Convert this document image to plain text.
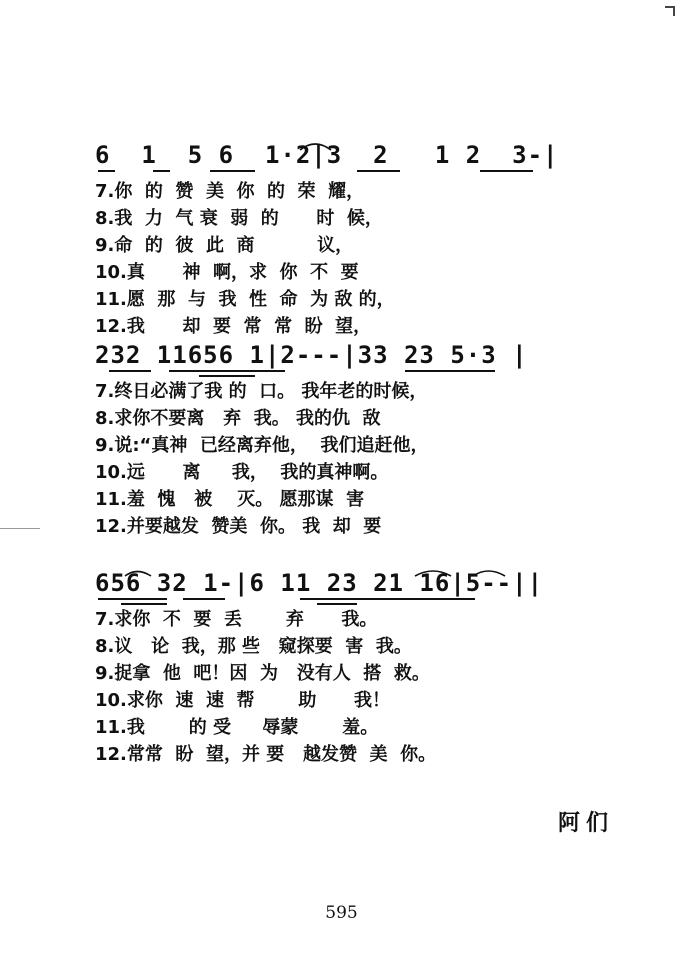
6  1  5 6  1·2|3  2   1 2  3-|
7.你  的  赞  美  你  的  荣  耀，
8.我  力  气 衰  弱  的      时  候，
9.命  的  彼  此  商          议，
10.真      神  啊，求  你  不  要
11.愿  那  与  我  性  命  为 敌 的，
12.我      却  要  常  常  盼  望，
232 11656 1|2---|33 23 5·3 |
7.终日必满了我 的  口。 我年老的时候，
8.求你不要离   弃  我。 我的仇  敌
9.说:“真神  已经离弃他，  我们追赶他，
10.远      离     我，  我的真神啊。
11.羞  愧   被    灭。 愿那谋  害
12.并要越发  赞美  你。 我  却  要
656 32 1-|6 11 23 21 16|5--||
7.求你  不  要  丢       弃      我。
8.议   论  我，那 些   窥探要  害  我。
9.捉拿  他  吧！因  为   没有人  搭  救。
10.求你  速  速  帮       助      我！
11.我       的 受     辱蒙       羞。
12.常常  盼  望，并 要   越发赞  美  你。
阿们
595
